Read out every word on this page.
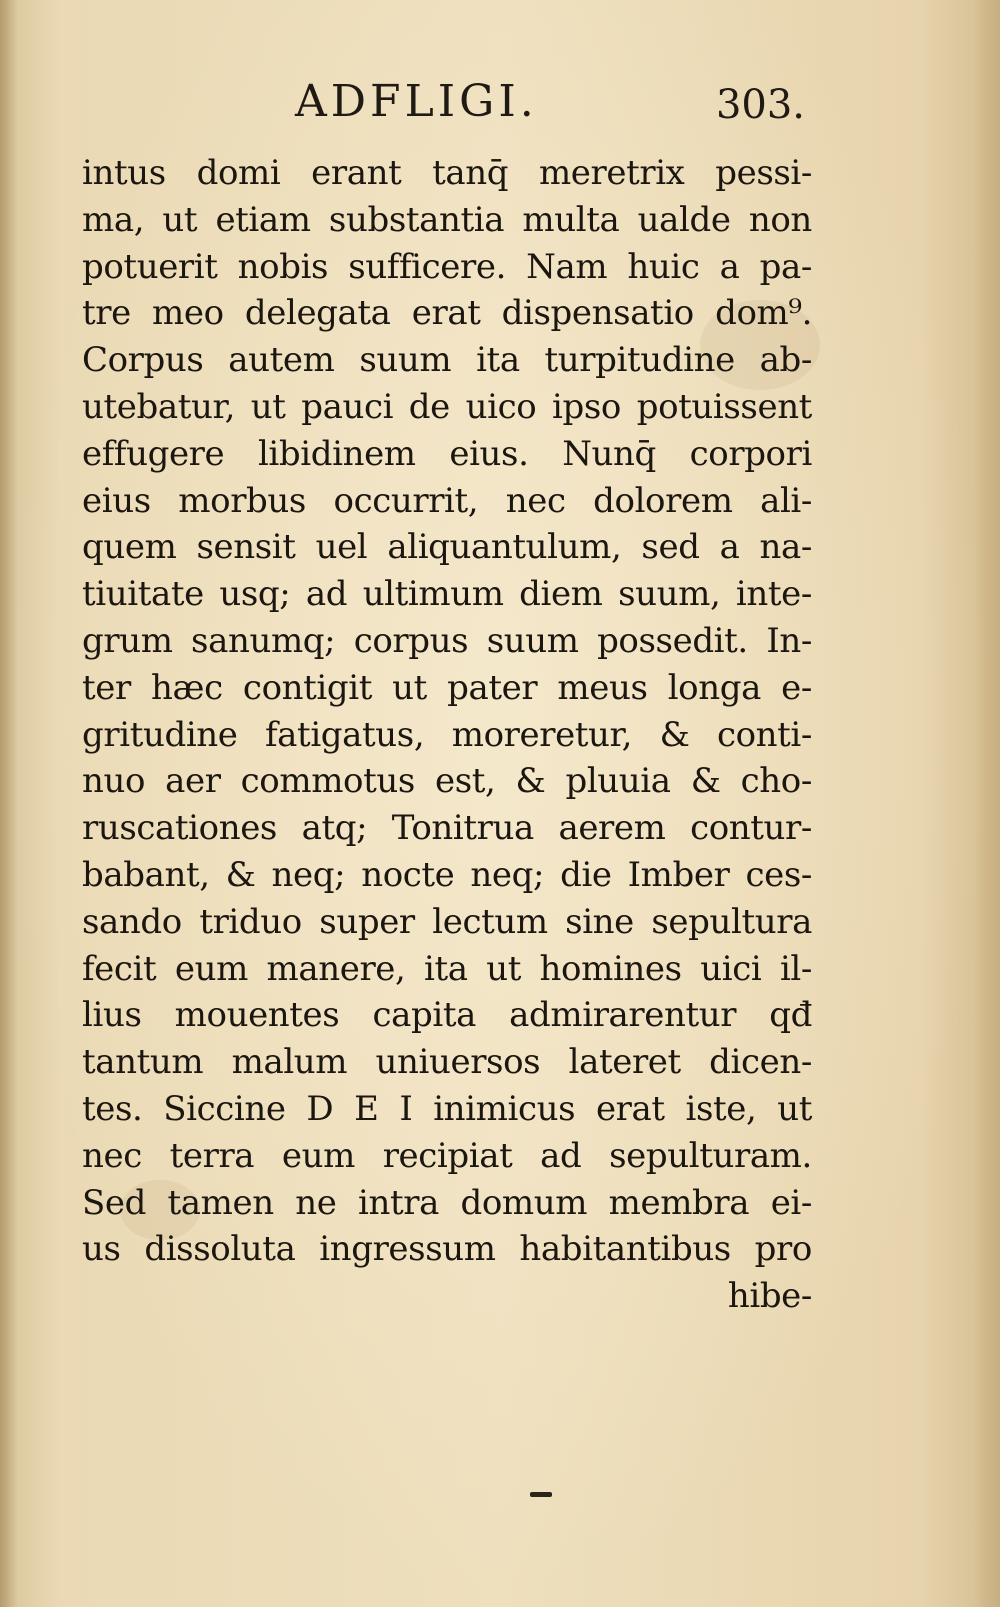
ADFLIGI.	303.
intus domi erant tanq̄ meretrix pessi-
ma, ut etiam substantia multa ualde non
potuerit nobis sufficere. Nam huic a pa-
tre meo delegata erat dispensatio dom⁹.
Corpus autem suum ita turpitudine ab-
utebatur, ut pauci de uico ipso potuissent
effugere libidinem eius. Nunq̄ corpori
eius morbus occurrit, nec dolorem ali-
quem sensit uel aliquantulum, sed a na-
tiuitate usq; ad ultimum diem suum, inte-
grum sanumq; corpus suum possedit. In-
ter hæc contigit ut pater meus longa e-
gritudine fatigatus, moreretur, & conti-
nuo aer commotus est, & pluuia & cho-
ruscationes atq; Tonitrua aerem contur-
babant, & neq; nocte neq; die Imber ces-
sando triduo super lectum sine sepultura
fecit eum manere, ita ut homines uici il-
lius mouentes capita admirarentur qđ
tantum malum uniuersos lateret dicen-
tes. Siccine D E I inimicus erat iste, ut
nec terra eum recipiat ad sepulturam.
Sed tamen ne intra domum membra ei-
us dissoluta ingressum habitantibus pro
hibe-
